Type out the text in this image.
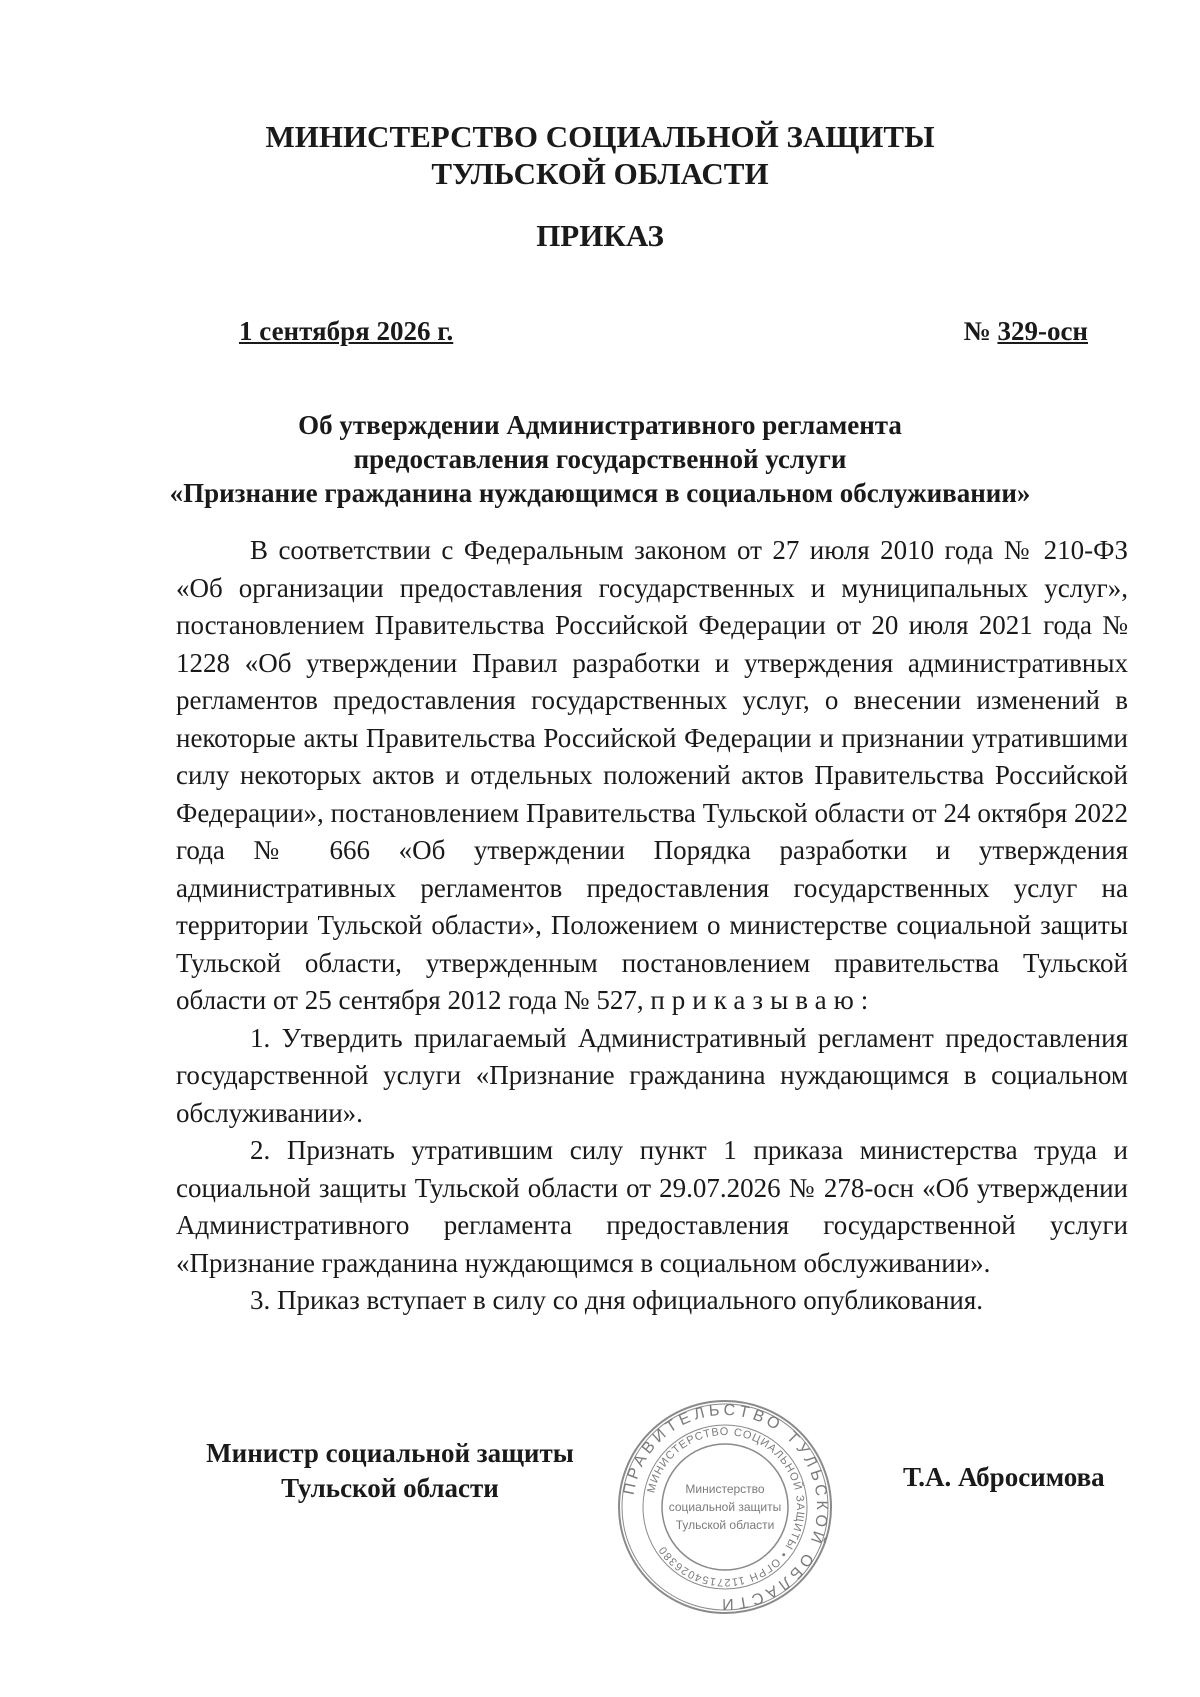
МИНИСТЕРСТВО СОЦИАЛЬНОЙ ЗАЩИТЫ
ТУЛЬСКОЙ ОБЛАСТИ
ПРИКАЗ
1 сентября 2026 г.	№ 329-осн
Об утверждении Административного регламента
предоставления государственной услуги
«Признание гражданина нуждающимся в социальном обслуживании»

В соответствии с Федеральным законом от 27 июля 2010 года № 210-ФЗ «Об организации предоставления государственных и муниципальных услуг», постановлением Правительства Российской Федерации от 20 июля 2021 года № 1228 «Об утверждении Правил разработки и утверждения административных регламентов предоставления государственных услуг, о внесении изменений в некоторые акты Правительства Российской Федерации и признании утратившими силу некоторых актов и отдельных положений актов Правительства Российской Федерации», постановлением Правительства Тульской области от 24 октября 2022 года № 666 «Об утверждении Порядка разработки и утверждения административных регламентов предоставления государственных услуг на территории Тульской области», Положением о министерстве социальной защиты Тульской области, утвержденным постановлением правительства Тульской области от 25 сентября 2012 года № 527, приказываю:

1. Утвердить прилагаемый Административный регламент предоставления государственной услуги «Признание гражданина нуждающимся в социальном обслуживании».

2. Признать утратившим силу пункт 1 приказа министерства труда и социальной защиты Тульской области от 29.07.2026 № 278-осн «Об утверждении Административного регламента предоставления государственной услуги «Признание гражданина нуждающимся в социальном обслуживании».

3. Приказ вступает в силу со дня официального опубликования.

Министр социальной защиты
Тульской области	ПРАВИТЕЛЬСТВО ТУЛЬСКОЙ ОБЛАСТИ
МИНИСТЕРСТВО СОЦИАЛЬНОЙ ЗАЩИТЫ • ОГРН 1127154026380
Министерство
социальной защиты
Тульской области
Т.А. Абросимова
